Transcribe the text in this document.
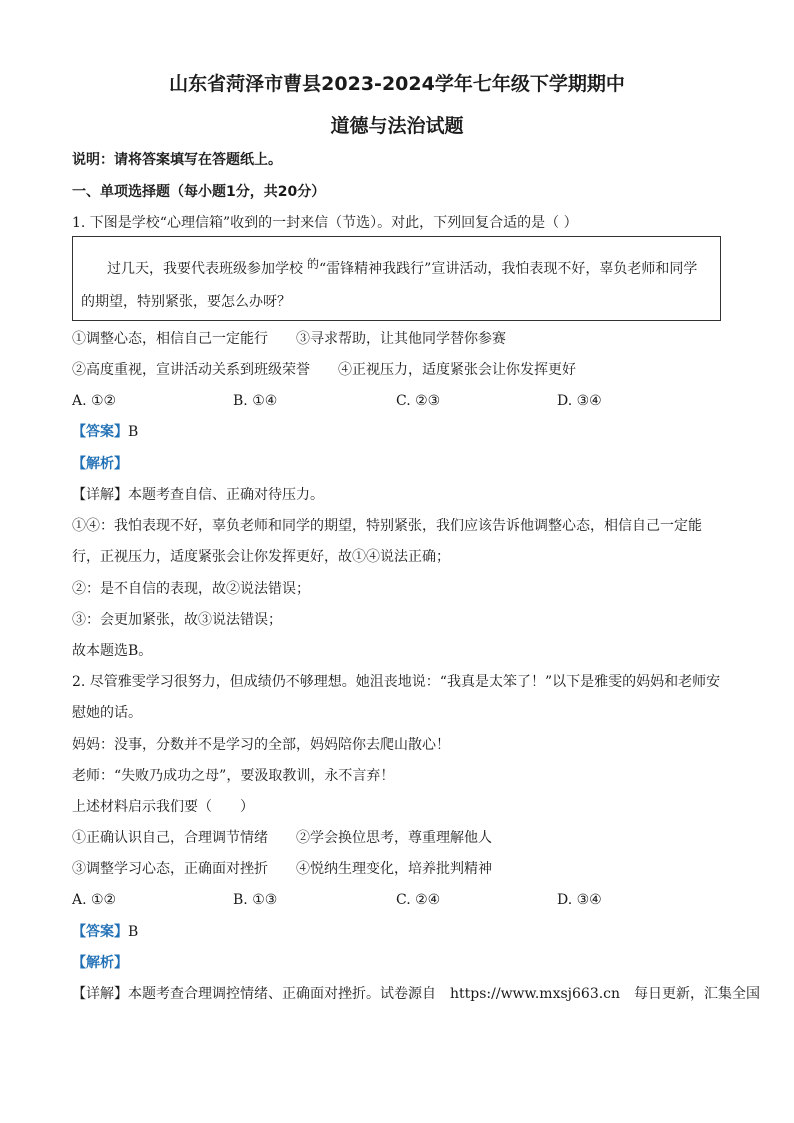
山东省菏泽市曹县2023-2024学年七年级下学期期中
道德与法治试题
说明：请将答案填写在答题纸上。
一、单项选择题（每小题1分，共20分）
1. 下图是学校“心理信箱”收到的一封来信（节选）。对此，下列回复合适的是（ ）
过几天，我要代表班级参加学校 的 “雷锋精神我践行”宣讲活动，我怕表现不好，辜负老师和同学
的期望，特别紧张，要怎么办呀？
①调整心态，相信自己一定能行　　③寻求帮助，让其他同学替你参赛
②高度重视，宣讲活动关系到班级荣誉　　④正视压力，适度紧张会让你发挥更好
A. ①②	B. ①④	C. ②③	D. ③④
【答案】B
【解析】
【详解】本题考查自信、正确对待压力。
①④：我怕表现不好，辜负老师和同学的期望，特别紧张，我们应该告诉他调整心态，相信自己一定能
行，正视压力，适度紧张会让你发挥更好，故①④说法正确；
②：是不自信的表现，故②说法错误；
③：会更加紧张，故③说法错误；
故本题选B。
2. 尽管雅雯学习很努力，但成绩仍不够理想。她沮丧地说：“我真是太笨了！”以下是雅雯的妈妈和老师安
慰她的话。
妈妈：没事，分数并不是学习的全部，妈妈陪你去爬山散心！
老师：“失败乃成功之母”，要汲取教训，永不言弃！
上述材料启示我们要（　　）
①正确认识自己，合理调节情绪　　②学会换位思考，尊重理解他人
③调整学习心态，正确面对挫折　　④悦纳生理变化，培养批判精神
A. ①②	B. ①③	C. ②④	D. ③④
【答案】B
【解析】
【详解】本题考查合理调控情绪、正确面对挫折。试卷源自　https://www.mxsj663.cn　每日更新，汇集全国
